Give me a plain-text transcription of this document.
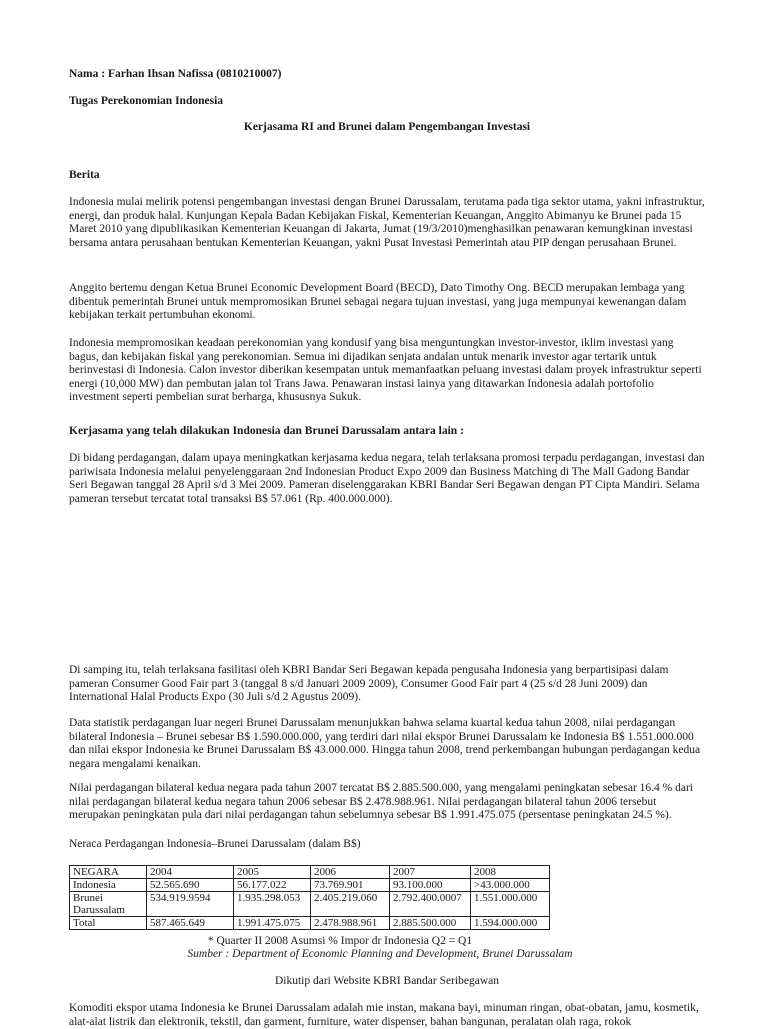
Nama : Farhan Ihsan Nafissa (0810210007)

Tugas Perekonomian Indonesia

Kerjasama RI and Brunei dalam Pengembangan Investasi

Berita

Indonesia mulai melirik potensi pengembangan investasi dengan Brunei Darussalam, terutama pada tiga sektor utama, yakni infrastruktur, energi, dan produk halal. Kunjungan Kepala Badan Kebijakan Fiskal, Kementerian Keuangan, Anggito Abimanyu ke Brunei pada 15 Maret 2010 yang dipublikasikan Kementerian Keuangan di Jakarta, Jumat (19/3/2010)menghasilkan penawaran kemungkinan investasi bersama antara perusahaan bentukan Kementerian Keuangan, yakni Pusat Investasi Pemerintah atau PIP dengan perusahaan Brunei.

Anggito bertemu dengan Ketua Brunei Economic Development Board (BECD), Dato Timothy Ong. BECD merupakan lembaga yang dibentuk pemerintah Brunei untuk mempromosikan Brunei sebagai negara tujuan investasi, yang juga mempunyai kewenangan dalam kebijakan terkait pertumbuhan ekonomi.

Indonesia mempromosikan keadaan perekonomian yang kondusif yang bisa menguntungkan investor-investor, iklim investasi yang bagus, dan kebijakan fiskal yang perekonomian. Semua ini dijadikan senjata andalan untuk menarik investor agar tertarik untuk berinvestasi di Indonesia. Calon investor diberikan kesempatan untuk memanfaatkan peluang investasi dalam proyek infrastruktur seperti energi (10,000 MW) dan pembutan jalan tol Trans Jawa. Penawaran instasi lainya yang ditawarkan Indonesia adalah portofolio investment seperti pembelian surat berharga, khususnya Sukuk.

Kerjasama yang telah dilakukan Indonesia dan Brunei Darussalam antara lain :

Di bidang perdagangan, dalam upaya meningkatkan kerjasama kedua negara, telah terlaksana promosi terpadu perdagangan, investasi dan pariwisata Indonesia melalui penyelenggaraan 2nd Indonesian Product Expo 2009 dan Business Matching di The Mall Gadong Bandar Seri Begawan tanggal 28 April s/d 3 Mei 2009. Pameran diselenggarakan KBRI Bandar Seri Begawan dengan PT Cipta Mandiri. Selama pameran tersebut tercatat total transaksi B$ 57.061 (Rp. 400.000.000).

Di samping itu, telah terlaksana fasilitasi oleh KBRI Bandar Seri Begawan kepada pengusaha Indonesia yang berpartisipasi dalam pameran Consumer Good Fair part 3 (tanggal 8 s/d Januari 2009 2009), Consumer Good Fair part 4 (25 s/d 28 Juni 2009) dan International Halal Products Expo (30 Juli s/d 2 Agustus 2009).

Data statistik perdagangan luar negeri Brunei Darussalam menunjukkan bahwa selama kuartal kedua tahun 2008, nilai perdagangan bilateral Indonesia – Brunei sebesar B$ 1.590.000.000, yang terdiri dari nilai ekspor Brunei Darussalam ke Indonesia B$ 1.551.000.000 dan nilai ekspor Indonesia ke Brunei Darussalam B$ 43.000.000. Hingga tahun 2008, trend perkembangan hubungan perdagangan kedua negara mengalami kenaikan.

Nilai perdagangan bilateral kedua negara pada tahun 2007 tercatat B$ 2.885.500.000, yang mengalami peningkatan sebesar 16.4 % dari nilai perdagangan bilateral kedua negara tahun 2006 sebesar B$ 2.478.988.961. Nilai perdagangan bilateral tahun 2006 tersebut merupakan peningkatan pula dari nilai perdagangan tahun sebelumnya sebesar B$ 1.991.475.075 (persentase peningkatan 24.5 %).

Neraca Perdagangan Indonesia–Brunei Darussalam (dalam B$)

NEGARA	2004	2005	2006	2007	2008
Indonesia	52.565.690	56.177.022	73.769.901	93.100.000	>43.000.000
Brunei Darussalam	534.919.9594	1.935.298.053	2.405.219.060	2.792.400.0007	1.551.000.000
Total	587.465.649	1.991.475.075	2.478.988.961	2.885.500.000	1.594.000.000

* Quarter II 2008 Asumsi % Impor dr Indonesia Q2 = Q1

Sumber : Department of Economic Planning and Development, Brunei Darussalam

Dikutip dari Website KBRI Bandar Seribegawan

Komoditi ekspor utama Indonesia ke Brunei Darussalam adalah mie instan, makana bayi, minuman ringan, obat-obatan, jamu, kosmetik, alat-alat listrik dan elektronik, tekstil, dan garment, furniture, water dispenser, bahan bangunan, peralatan olah raga, rokok
